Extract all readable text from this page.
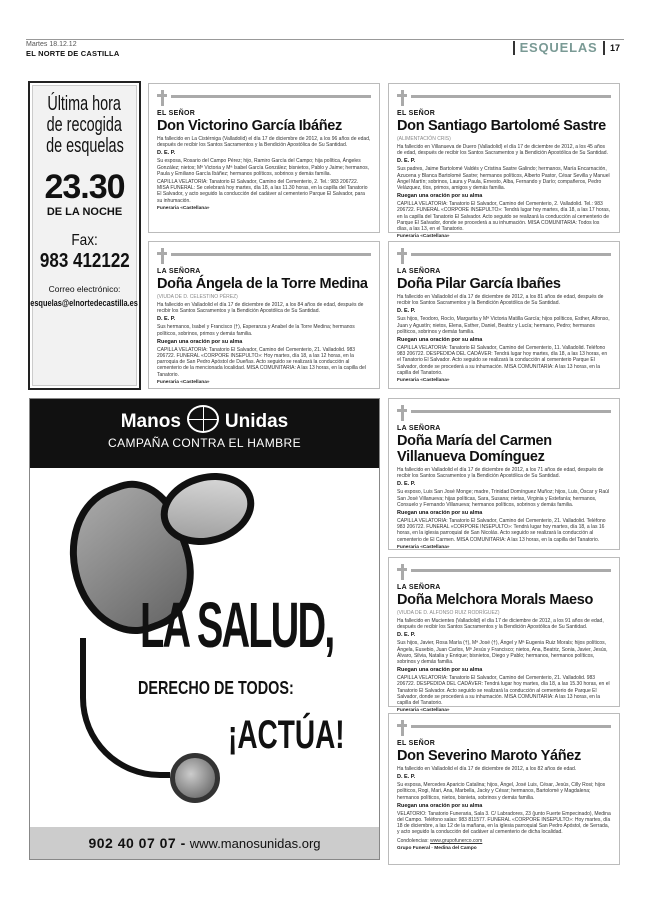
Martes 18.12.12
EL NORTE DE CASTILLA	ESQUELAS	17
Última hora
de recogida
de esquelas
23.30
DE LA NOCHE
Fax:
983 412122
Correo electrónico:
esquelas@elnortedecastilla.es
EL SEÑOR
Don Victorino García Ibáñez
Ha fallecido en La Cistérniga (Valladolid) el día 17 de diciembre de 2012, a los 96 años de edad, después de recibir los Santos Sacramentos y la Bendición Apostólica de Su Santidad.
D. E. P.
Su esposa, Rosario del Campo Pérez; hijo, Ramiro García del Campo; hija política, Ángeles González; nietos; Mª Victoria y Mª Isabel García González; bisnietos, Pablo y Jaime; hermanos, Paula y Emiliano García Ibáñez; hermanos políticos, sobrinos y demás familia.
CAPILLA VELATORIA: Tanatorio El Salvador, Camino del Cementerio, 2. Tel.: 983 206722. MISA FUNERAL: Se celebrará hoy martes, día 18, a las 11.30 horas, en la capilla del Tanatorio El Salvador, y acto seguido la conducción del cadáver al cementerio Parque El Salvador, para su inhumación.
Funeraria «Castellana»
EL SEÑOR
Don Santiago Bartolomé Sastre
(ALIMENTACIÓN CRIS)
Ha fallecido en Villanueva de Duero (Valladolid) el día 17 de diciembre de 2012, a los 45 años de edad, después de recibir los Santos Sacramentos y la Bendición Apostólica de Su Santidad.
D. E. P.
Sus padres, Jaime Bartolomé Valdés y Cristina Sastre Galindo; hermanos, María Encarnación, Azucena y Blanca Bartolomé Sastre; hermanos políticos, Alberto Pastor, César Sevilla y Manuel Ángel Martín; sobrinos, Laura y Paula, Ernesto, Alba, Fernando y Darío; compañeros, Pedro Velázquez, tíos, primos, amigos y demás familia.
Ruegan una oración por su alma
CAPILLA VELATORIA: Tanatorio El Salvador, Camino del Cementerio, 2. Valladolid. Tel.: 983 206722. FUNERAL «CORPORE INSEPULTO»: Tendrá lugar hoy martes, día 18, a las 17 horas, en la capilla del Tanatorio El Salvador. Acto seguido se realizará la conducción al cementerio de Parque El Salvador, donde se procederá a su inhumación. MISA COMUNITARIA: Todos los días, a las 13, en el Tanatorio.
Funeraria «Castellana»
LA SEÑORA
Doña Ángela de la Torre Medina
(VIUDA DE D. CELESTINO PÉREZ)
Ha fallecido en Valladolid el día 17 de diciembre de 2012, a los 84 años de edad, después de recibir los Santos Sacramentos y la Bendición Apostólica de Su Santidad.
D. E. P.
Sus hermanos, Isabel y Francisco (†), Esperanza y Anabel de la Torre Medina; hermanos políticos, sobrinos, primos y demás familia.
Ruegan una oración por su alma
CAPILLA VELATORIA: Tanatorio El Salvador, Camino del Cementerio, 21. Valladolid. 983 206722. FUNERAL «CORPORE INSEPULTO»: Hoy martes, día 18, a las 12 horas, en la parroquia de San Pedro Apóstol de Dueñas. Acto seguido se realizará la conducción al cementerio de la mencionada localidad. MISA COMUNITARIA: A las 13 horas, en la capilla del Tanatorio.
Funeraria «Castellana»
LA SEÑORA
Doña Pilar García Ibañes
Ha fallecido en Valladolid el día 17 de diciembre de 2012, a los 81 años de edad, después de recibir los Santos Sacramentos y la Bendición Apostólica de Su Santidad.
D. E. P.
Sus hijos, Teodoro, Rocío, Margarita y Mª Victoria Matilla García; hijos políticos, Esther, Alfonso, Juan y Agustín; nietos, Elena, Esther, Daniel, Beatriz y Lucía; hermano, Pedro; hermanos políticos, sobrinos y demás familia.
Ruegan una oración por su alma
CAPILLA VELATORIA: Tanatorio El Salvador, Camino del Cementerio, 11. Valladolid. Teléfono 983 206722. DESPEDIDA DEL CADÁVER: Tendrá lugar hoy martes, día 18, a las 13 horas, en el Tanatorio El Salvador. Acto seguido se realizará la conducción al cementerio Parque El Salvador, donde se procederá a su inhumación. MISA COMUNITARIA: A las 13 horas, en la capilla del Tanatorio.
Funeraria «Castellana»
Manos Unidas
CAMPAÑA CONTRA EL HAMBRE
LA SALUD,
DERECHO DE TODOS:
¡ACTÚA!
902 40 07 07 - www.manosunidas.org
LA SEÑORA
Doña María del Carmen Villanueva Domínguez
Ha fallecido en Valladolid el día 17 de diciembre de 2012, a los 71 años de edad, después de recibir los Santos Sacramentos y la Bendición Apostólica de Su Santidad.
D. E. P.
Su esposo, Luis San José Monge; madre, Trinidad Domínguez Muñoz; hijos, Luis, Óscar y Raúl San José Villanueva; hijas políticas, Sara, Susana; nietas, Virginia y Estefanía; hermanos, Consuelo y Fernando Villanueva; hermanos políticos, sobrinos y demás familia.
Ruegan una oración por su alma
CAPILLA VELATORIA: Tanatorio El Salvador, Camino del Cementerio, 21. Valladolid. Teléfono 983 206722. FUNERAL «CORPORE INSEPULTO»: Tendrá lugar hoy martes, día 18, a las 16 horas, en la iglesia parroquial de San Nicolás. Acto seguido se realizará la conducción al cementerio de El Carmen. MISA COMUNITARIA: A las 13 horas, en la capilla del Tanatorio.
Funeraria «Castellana»
LA SEÑORA
Doña Melchora Morals Maeso
(VIUDA DE D. ALFONSO RUIZ RODRÍGUEZ)
Ha fallecido en Mucientes (Valladolid) el día 17 de diciembre de 2012, a los 91 años de edad, después de recibir los Santos Sacramentos y la Bendición Apostólica de Su Santidad.
D. E. P.
Sus hijos, Javier, Rosa María (†), Mª José (†), Ángel y Mª Eugenia Ruiz Morals; hijos políticos, Ángela, Eusebio, Juan Carlos, Mª Jesús y Francisco; nietos, Ana, Beatriz, Sonia, Javier, Jesús, Álvaro, Silvia, Natalia y Enrique; bisnietos, Diego y Pablo; hermanos, hermanos políticos, sobrinos y demás familia.
Ruegan una oración por su alma
CAPILLA VELATORIA: Tanatorio El Salvador, Camino del Cementerio, 21. Valladolid. 983 206722. DESPEDIDA DEL CADÁVER: Tendrá lugar hoy martes, día 18, a las 15.30 horas, en el Tanatorio El Salvador. Acto seguido se realizará la conducción al cementerio de Parque El Salvador, donde se procederá a su inhumación. MISA COMUNITARIA: A las 13 horas, en la capilla del Tanatorio.
Funeraria «Castellana»
EL SEÑOR
Don Severino Maroto Yáñez
Ha fallecido en Valladolid el día 17 de diciembre de 2012, a los 82 años de edad.
D. E. P.
Su esposa, Mercedes Aparicio Catalina; hijos, Ángel, José Luis, César, Jesús, Cilly Rosi; hijos políticos, Rogi, Mari, Ana, Marbella, Jacky y César; hermanos, Bartolomé y Magdalena; hermanos políticos, nietos, bisnieta, sobrinos y demás familia.
Ruegan una oración por su alma
VELATORIO: Tanatorio Funeraria, Sala 3. C/ Labradores, 23 (junto Fuerte Empecinado), Medina del Campo. Teléfono salas: 983 811577. FUNERAL «CORPORE INSEPULTO»: Hoy martes, día 18 de diciembre, a las 12 de la mañana, en la iglesia parroquial San Pedro Apóstol, de Serrada, y acto seguido la conducción del cadáver al cementerio de dicha localidad.
Condolencias: www.grupofunerco.com
Grupo Funeral · Medina del Campo
